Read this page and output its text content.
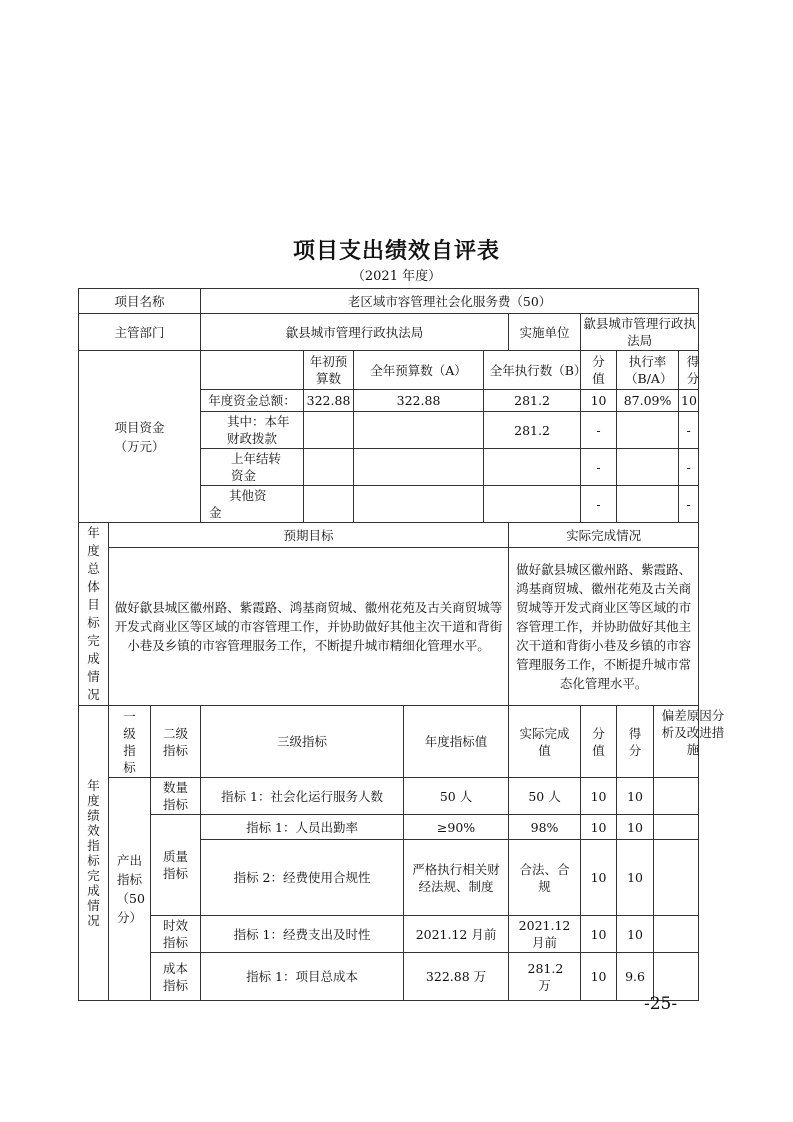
项目支出绩效自评表
（2021 年度）
项目名称			老区域市容管理社会化服务费（50）									
主管部门			歙县城市管理行政执法局					实施单位	歙县城市管理行政执法局			

项目资金（万元）				年初预算数	全年预算数（A）		全年执行数（B）		分值	执行率（B/A）		得分

			年度资金总额：	322.88	322.88		281.2		10	87.09%		10
			其中：本年财政拨款				281.2		-			-

			上年结转资金						-			-

			其他资金						-			-

年度总体目标完成情况	预期目标							实际完成情况				
	做好歙县城区徽州路、紫霞路、鸿基商贸城、徽州花苑及古关商贸城等开发式商业区等区域的市容管理工作，并协助做好其他主次干道和背街小巷及乡镇的市容管理服务工作，不断提升城市精细化管理水平。							做好歙县城区徽州路、紫霞路、鸿基商贸城、徽州花苑及古关商贸城等开发式商业区等区域的市容管理工作，并协助做好其他主次干道和背街小巷及乡镇的市容管理服务工作，不断提升城市常态化管理水平。				

年度绩效指标完成情况	一级指标	二级指标	三级指标			年度指标值		实际完成值	分值	得分	偏差原因分析及改进措施	

	产出指标（50分）	数量指标	指标 1：社会化运行服务人数			50 人		50 人	10	10		

		质量指标	指标 1：人员出勤率			≥90%		98%	10	10		
			指标 2：经费使用合规性			严格执行相关财经法规、制度		合法、合规	10	10		

		时效指标	指标 1：经费支出及时性			2021.12 月前		2021.12 月前	10	10		

		成本指标	指标 1：项目总成本			322.88 万		281.2 万	10	9.6		
-25-
